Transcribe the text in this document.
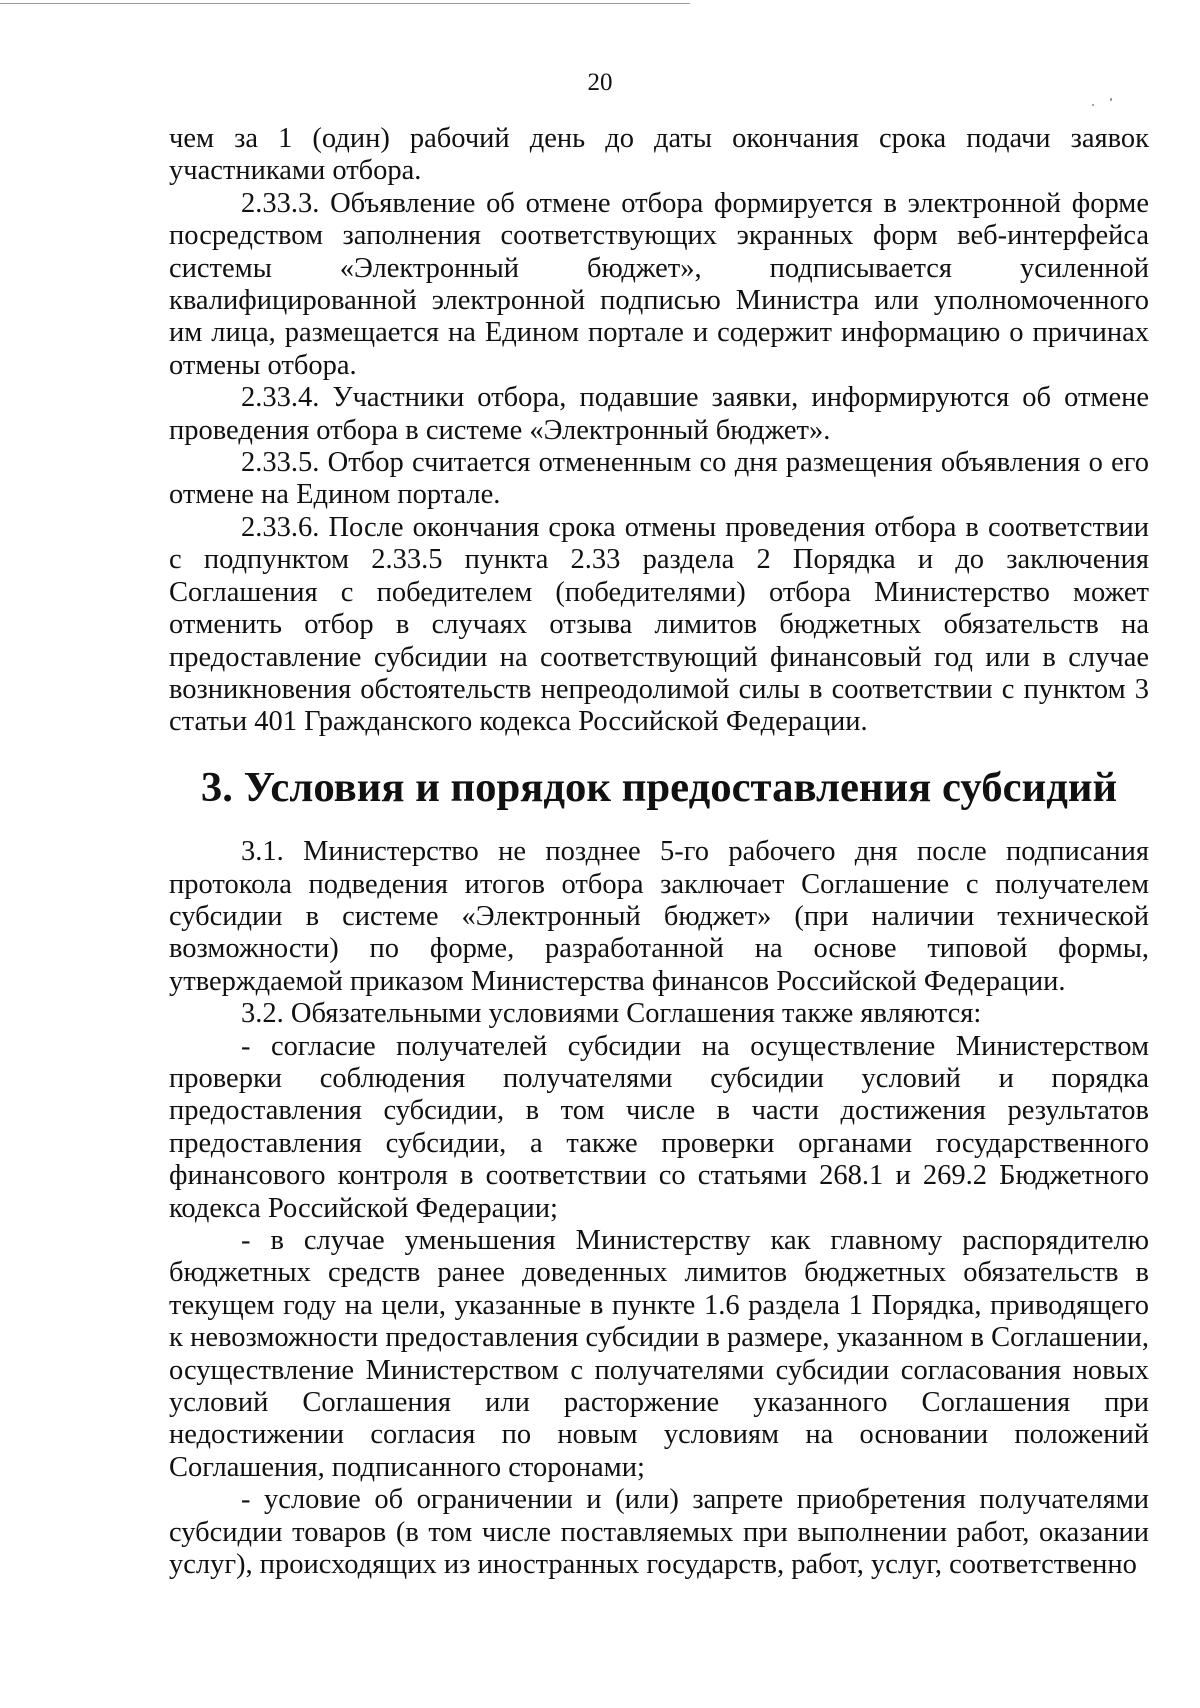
20

чем за 1 (один) рабочий день до даты окончания срока подачи заявок участниками отбора.

2.33.3. Объявление об отмене отбора формируется в электронной форме посредством заполнения соответствующих экранных форм веб-интерфейса системы «Электронный бюджет», подписывается усиленной квалифицированной электронной подписью Министра или уполномоченного им лица, размещается на Едином портале и содержит информацию о причинах отмены отбора.

2.33.4. Участники отбора, подавшие заявки, информируются об отмене проведения отбора в системе «Электронный бюджет».

2.33.5. Отбор считается отмененным со дня размещения объявления о его отмене на Едином портале.

2.33.6. После окончания срока отмены проведения отбора в соответствии с подпунктом 2.33.5 пункта 2.33 раздела 2 Порядка и до заключения Соглашения с победителем (победителями) отбора Министерство может отменить отбор в случаях отзыва лимитов бюджетных обязательств на предоставление субсидии на соответствующий финансовый год или в случае возникновения обстоятельств непреодолимой силы в соответствии с пунктом 3 статьи 401 Гражданского кодекса Российской Федерации.

3. Условия и порядок предоставления субсидий

3.1. Министерство не позднее 5-го рабочего дня после подписания протокола подведения итогов отбора заключает Соглашение с получателем субсидии в системе «Электронный бюджет» (при наличии технической возможности) по форме, разработанной на основе типовой формы, утверждаемой приказом Министерства финансов Российской Федерации.

3.2. Обязательными условиями Соглашения также являются:

- согласие получателей субсидии на осуществление Министерством проверки соблюдения получателями субсидии условий и порядка предоставления субсидии, в том числе в части достижения результатов предоставления субсидии, а также проверки органами государственного финансового контроля в соответствии со статьями 268.1 и 269.2 Бюджетного кодекса Российской Федерации;

- в случае уменьшения Министерству как главному распорядителю бюджетных средств ранее доведенных лимитов бюджетных обязательств в текущем году на цели, указанные в пункте 1.6 раздела 1 Порядка, приводящего к невозможности предоставления субсидии в размере, указанном в Соглашении, осуществление Министерством с получателями субсидии согласования новых условий Соглашения или расторжение указанного Соглашения при недостижении согласия по новым условиям на основании положений Соглашения, подписанного сторонами;

- условие об ограничении и (или) запрете приобретения получателями субсидии товаров (в том числе поставляемых при выполнении работ, оказании услуг), происходящих из иностранных государств, работ, услуг, соответственно
